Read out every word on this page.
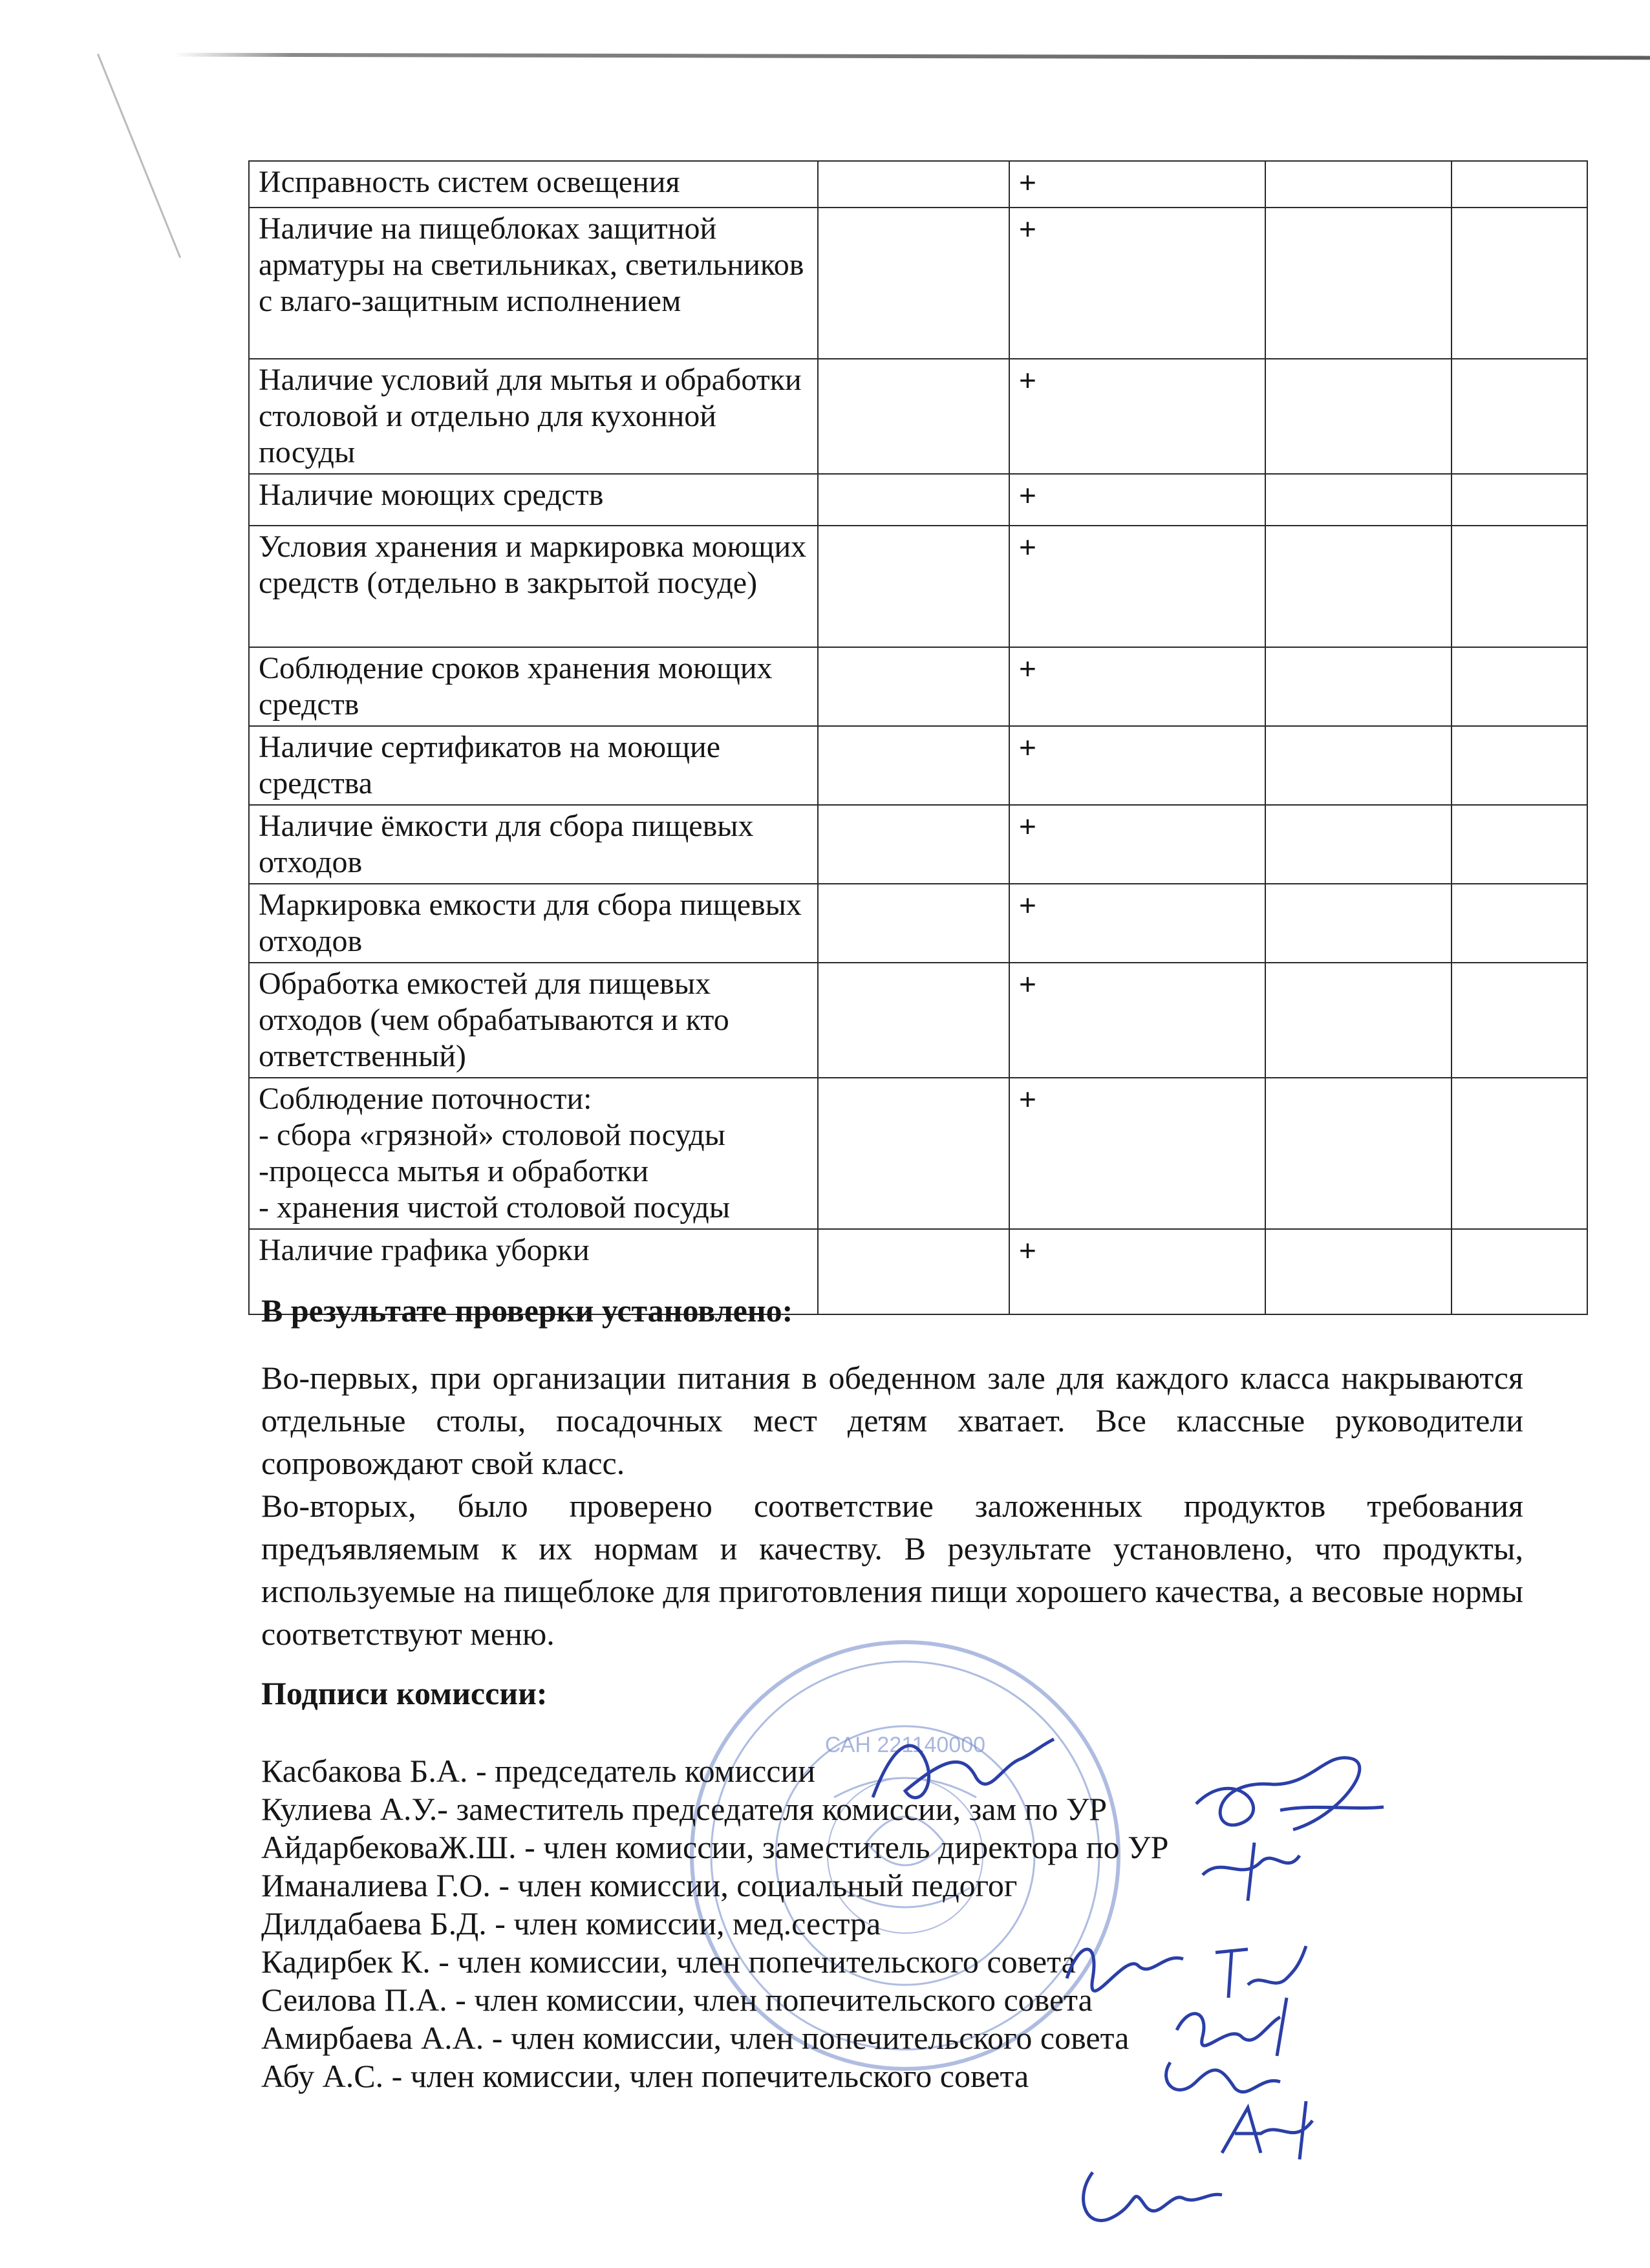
Исправность систем освещения		+		
Наличие на пищеблоках защитной арматуры на светильниках, светильников с влаго-защитным исполнением		+		
Наличие условий для мытья и обработки столовой и отдельно для кухонной посуды		+		
Наличие моющих средств		+		
Условия хранения и маркировка моющих средств (отдельно в закрытой посуде)		+		
Соблюдение сроков хранения моющих средств		+		
Наличие сертификатов на моющие средства		+		
Наличие ёмкости для сбора пищевых отходов		+		
Маркировка емкости для сбора пищевых отходов		+		
Обработка емкостей для пищевых отходов (чем обрабатываются и кто ответственный)		+		
Соблюдение поточности:
- сбора «грязной» столовой посуды
-процесса мытья и обработки
- хранения чистой столовой посуды		+		
Наличие графика уборки		+		
В результате проверки установлено:

Во-первых, при организации питания в обеденном зале для каждого класса накрываются отдельные столы, посадочных мест детям хватает. Все классные руководители сопровождают свой класс.

Во-вторых, было проверено соответствие заложенных продуктов требования предъявляемым к их нормам и качеству. В результате установлено, что продукты, используемые на пищеблоке для приготовления пищи хорошего качества, а весовые нормы соответствуют меню.

САН 221140000
Подписи комиссии:
Касбакова Б.А. - председатель комиссии
Кулиева А.У.- заместитель председателя комиссии, зам по УР
АйдарбековаЖ.Ш. - член комиссии, заместитель директора по УР
Иманалиева Г.О. - член комиссии, социальный педогог
Дилдабаева Б.Д. - член комиссии, мед.сестра
Кадирбек К. - член комиссии, член попечительского совета
Сеилова П.А. - член комиссии, член попечительского совета
Амирбаева А.А. - член комиссии, член попечительского совета
Абу А.С. - член комиссии, член попечительского совета
